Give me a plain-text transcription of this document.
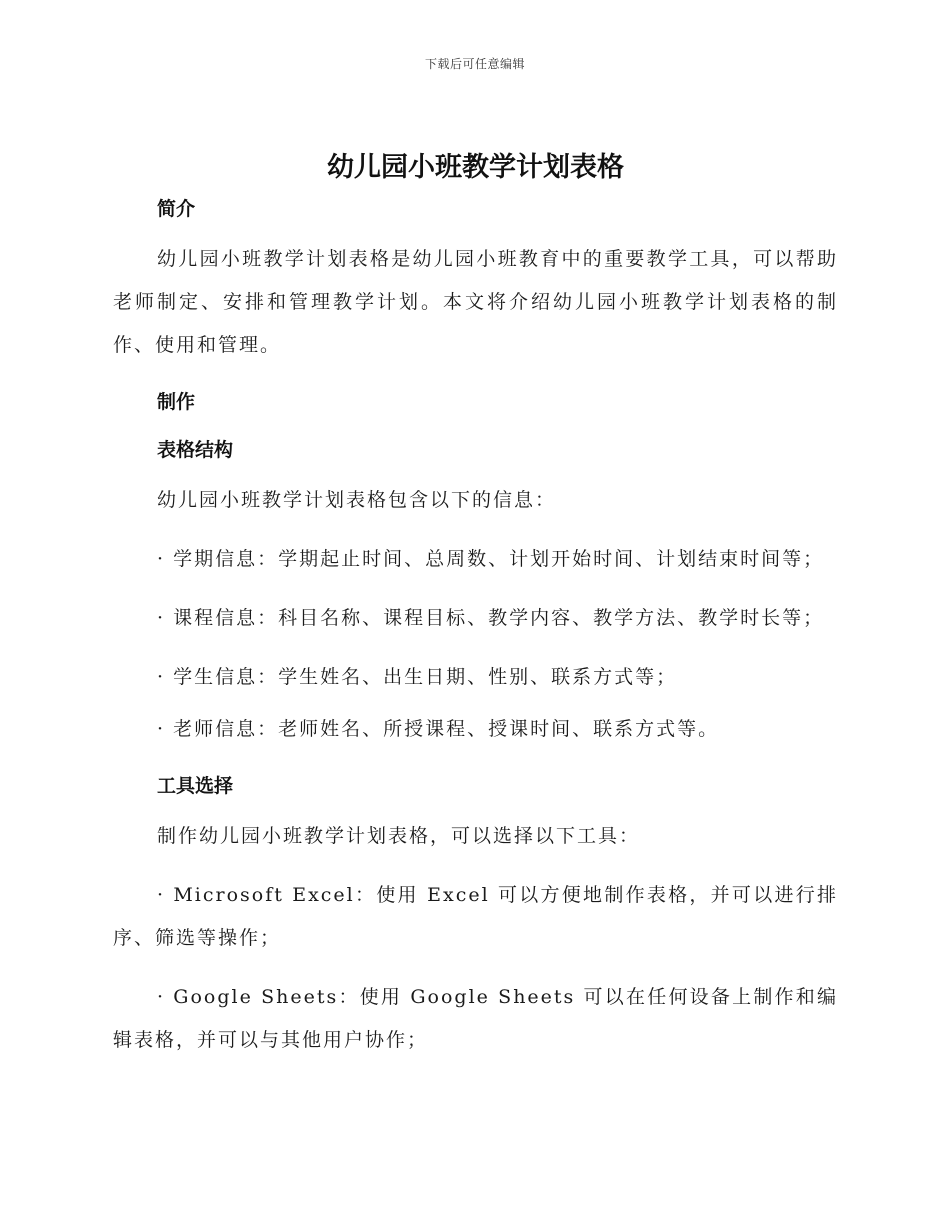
下载后可任意编辑
幼儿园小班教学计划表格
简介

幼儿园小班教学计划表格是幼儿园小班教育中的重要教学工具，可以帮助老师制定、安排和管理教学计划。本文将介绍幼儿园小班教学计划表格的制作、使用和管理。

制作
表格结构

幼儿园小班教学计划表格包含以下的信息：

· 学期信息：学期起止时间、总周数、计划开始时间、计划结束时间等；

· 课程信息：科目名称、课程目标、教学内容、教学方法、教学时长等；

· 学生信息：学生姓名、出生日期、性别、联系方式等；

· 老师信息：老师姓名、所授课程、授课时间、联系方式等。

工具选择

制作幼儿园小班教学计划表格，可以选择以下工具：

· Microsoft Excel：使用 Excel 可以方便地制作表格，并可以进行排序、筛选等操作；

· Google Sheets：使用 Google Sheets 可以在任何设备上制作和编辑表格，并可以与其他用户协作；
